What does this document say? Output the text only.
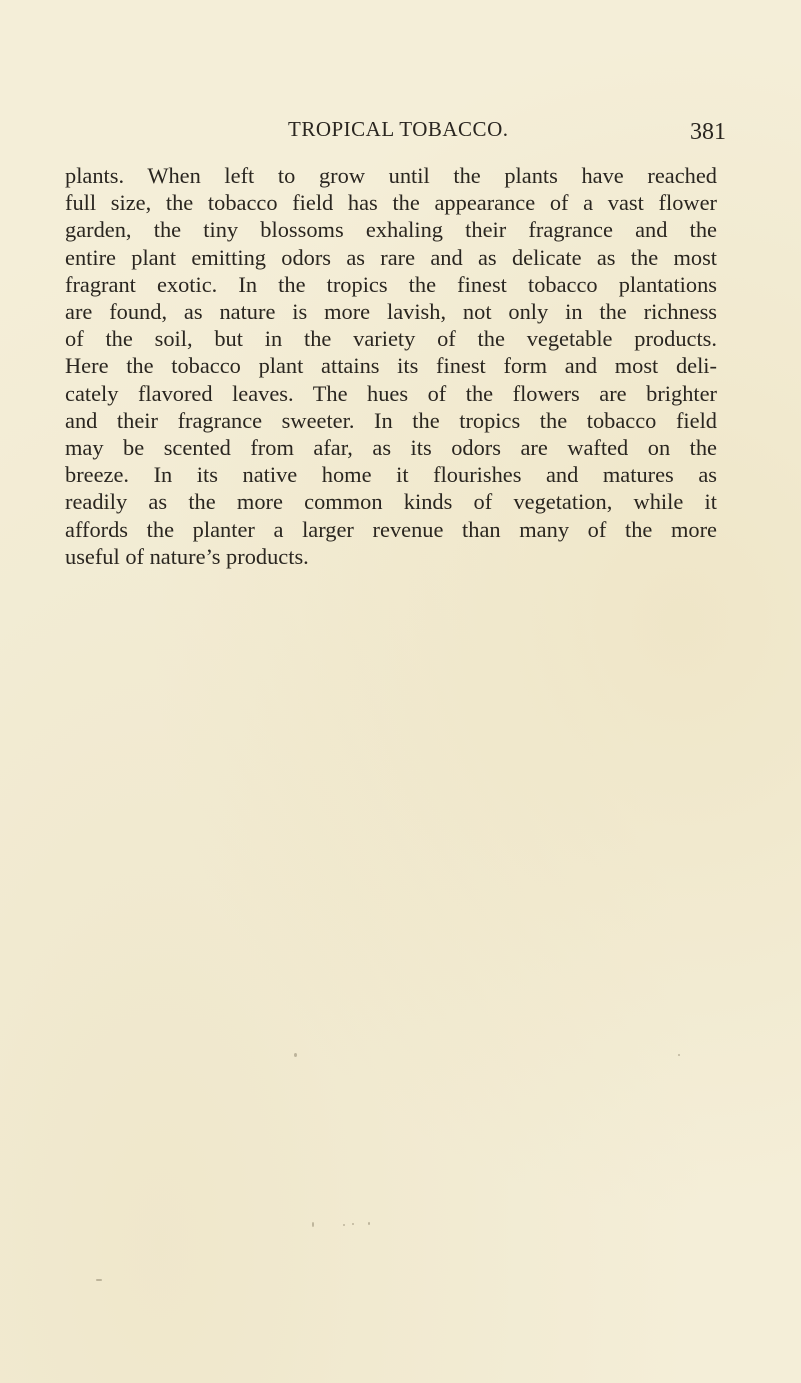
TROPICAL TOBACCO.	381
plants. When left to grow until the plants have reached
full size, the tobacco field has the appearance of a vast flower
garden, the tiny blossoms exhaling their fragrance and the
entire plant emitting odors as rare and as delicate as the most
fragrant exotic. In the tropics the finest tobacco plantations
are found, as nature is more lavish, not only in the richness
of the soil, but in the variety of the vegetable products.
Here the tobacco plant attains its finest form and most deli-
cately flavored leaves. The hues of the flowers are brighter
and their fragrance sweeter. In the tropics the tobacco field
may be scented from afar, as its odors are wafted on the
breeze. In its native home it flourishes and matures as
readily as the more common kinds of vegetation, while it
affords the planter a larger revenue than many of the more
useful of nature’s products.
